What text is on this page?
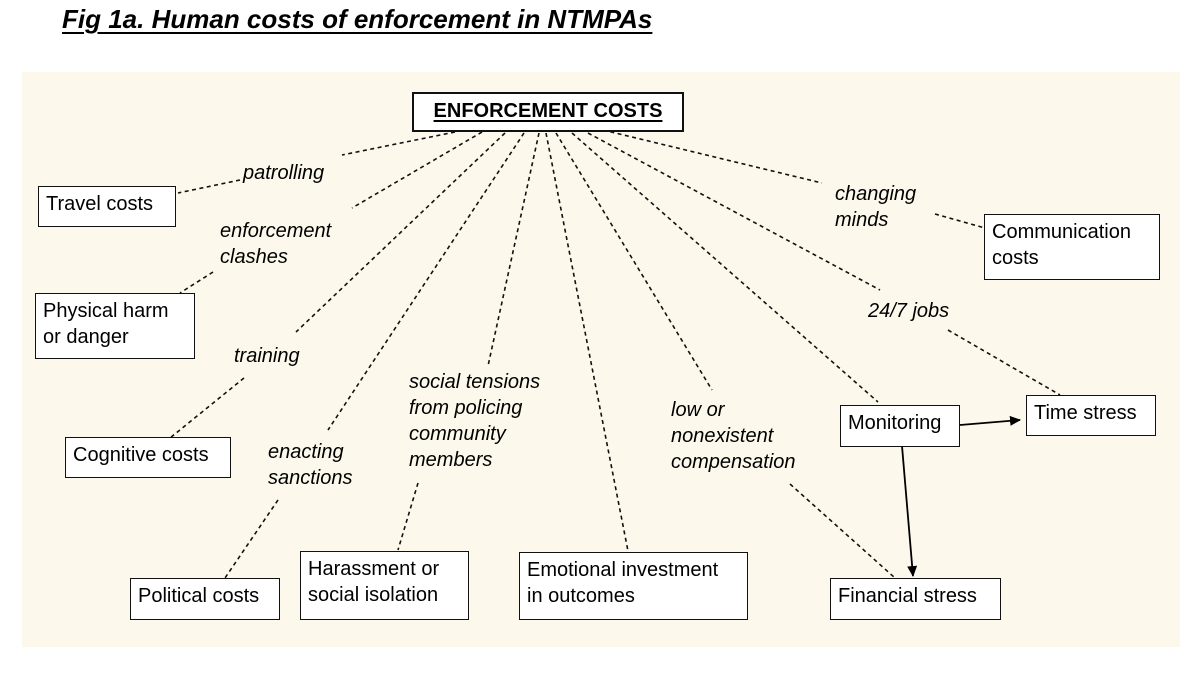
Fig 1a. Human costs of enforcement in NTMPAs
ENFORCEMENT COSTS
Travel costs
Physical harm
or danger
Cognitive costs
Political costs
Harassment or
social isolation
Emotional investment
in outcomes	Financial stress
Monitoring	Time stress
Communication
costs
patrolling
enforcement
clashes
training
enacting
sanctions
social tensions
from policing
community
members
low or
nonexistent
compensation
24/7 jobs
changing
minds
